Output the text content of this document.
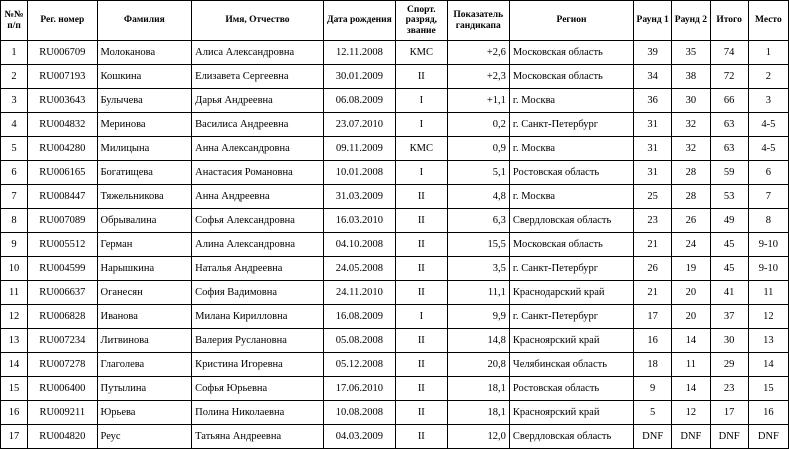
№№ п/п	Рег. номер	Фамилия	Имя, Отчество	Дата рождения	Спорт. разряд, звание	Показатель гандикапа	Регион	Раунд 1	Раунд 2	Итого	Место
1	RU006709	Молоканова	Алиса Александровна	12.11.2008	КМС	+2,6	Московская область	39	35	74	1
2	RU007193	Кошкина	Елизавета Сергеевна	30.01.2009	II	+2,3	Московская область	34	38	72	2
3	RU003643	Булычева	Дарья Андреевна	06.08.2009	I	+1,1	г. Москва	36	30	66	3
4	RU004832	Меринова	Василиса Андреевна	23.07.2010	I	0,2	г. Санкт-Петербург	31	32	63	4-5
5	RU004280	Милицына	Анна Александровна	09.11.2009	КМС	0,9	г. Москва	31	32	63	4-5
6	RU006165	Богатищева	Анастасия Романовна	10.01.2008	I	5,1	Ростовская область	31	28	59	6
7	RU008447	Тяжельникова	Анна Андреевна	31.03.2009	II	4,8	г. Москва	25	28	53	7
8	RU007089	Обрывалина	Софья Александровна	16.03.2010	II	6,3	Свердловская область	23	26	49	8
9	RU005512	Герман	Алина Александровна	04.10.2008	II	15,5	Московская область	21	24	45	9-10
10	RU004599	Нарышкина	Наталья Андреевна	24.05.2008	II	3,5	г. Санкт-Петербург	26	19	45	9-10
11	RU006637	Оганесян	София Вадимовна	24.11.2010	II	11,1	Краснодарский край	21	20	41	11
12	RU006828	Иванова	Милана Кирилловна	16.08.2009	I	9,9	г. Санкт-Петербург	17	20	37	12
13	RU007234	Литвинова	Валерия Руслановна	05.08.2008	II	14,8	Красноярский край	16	14	30	13
14	RU007278	Глаголева	Кристина Игоревна	05.12.2008	II	20,8	Челябинская область	18	11	29	14
15	RU006400	Путылина	Софья Юрьевна	17.06.2010	II	18,1	Ростовская область	9	14	23	15
16	RU009211	Юрьева	Полина Николаевна	10.08.2008	II	18,1	Красноярский край	5	12	17	16
17	RU004820	Реус	Татьяна Андреевна	04.03.2009	II	12,0	Свердловская область	DNF	DNF	DNF	DNF
